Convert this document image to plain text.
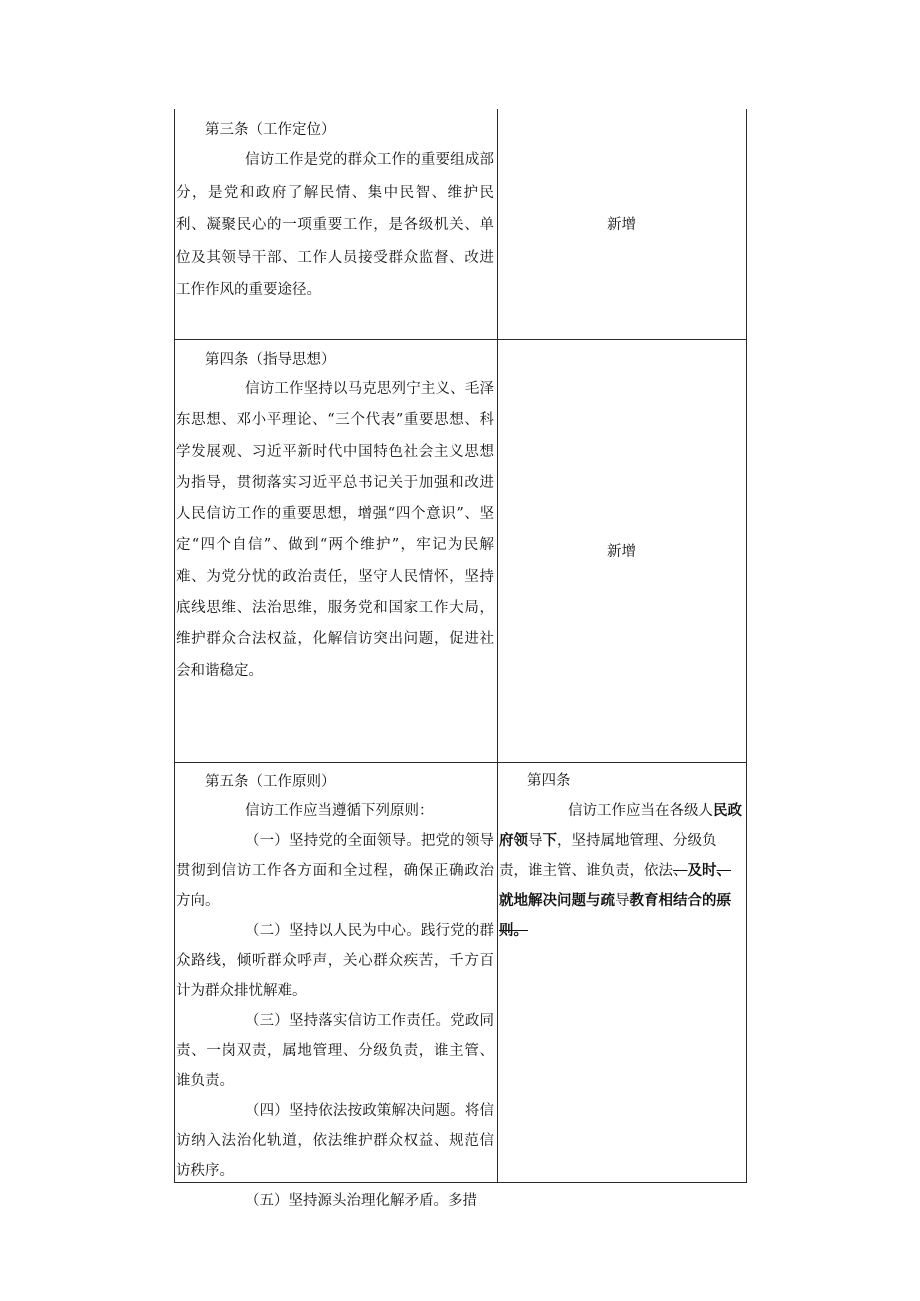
第三条（工作定位）

信访工作是党的群众工作的重要组成部分，是党和政府了解民情、集中民智、维护民利、凝聚民心的一项重要工作，是各级机关、单位及其领导干部、工作人员接受群众监督、改进工作作风的重要途径。

新增

第四条（指导思想）

信访工作坚持以马克思列宁主义、毛泽东思想、邓小平理论、“三个代表”重要思想、科学发展观、习近平新时代中国特色社会主义思想为指导，贯彻落实习近平总书记关于加强和改进人民信访工作的重要思想，增强“四个意识”、坚定“四个自信”、做到“两个维护”，牢记为民解难、为党分忧的政治责任，坚守人民情怀，坚持底线思维、法治思维，服务党和国家工作大局，维护群众合法权益，化解信访突出问题，促进社会和谐稳定。

新增

第五条（工作原则）

信访工作应当遵循下列原则：

（一）坚持党的全面领导。把党的领导贯彻到信访工作各方面和全过程，确保正确政治方向。

（二）坚持以人民为中心。践行党的群众路线，倾听群众呼声，关心群众疾苦，千方百计为群众排忧解难。

（三）坚持落实信访工作责任。党政同责、一岗双责，属地管理、分级负责，谁主管、谁负责。

（四）坚持依法按政策解决问题。将信访纳入法治化轨道，依法维护群众权益、规范信访秩序。

（五）坚持源头治理化解矛盾。多措

第四条

信访工作应当在各级人民政府领导下，坚持属地管理、分级负责，谁主管、谁负责，依法、及时、就地解决问题与疏导教育相结合的原则。
